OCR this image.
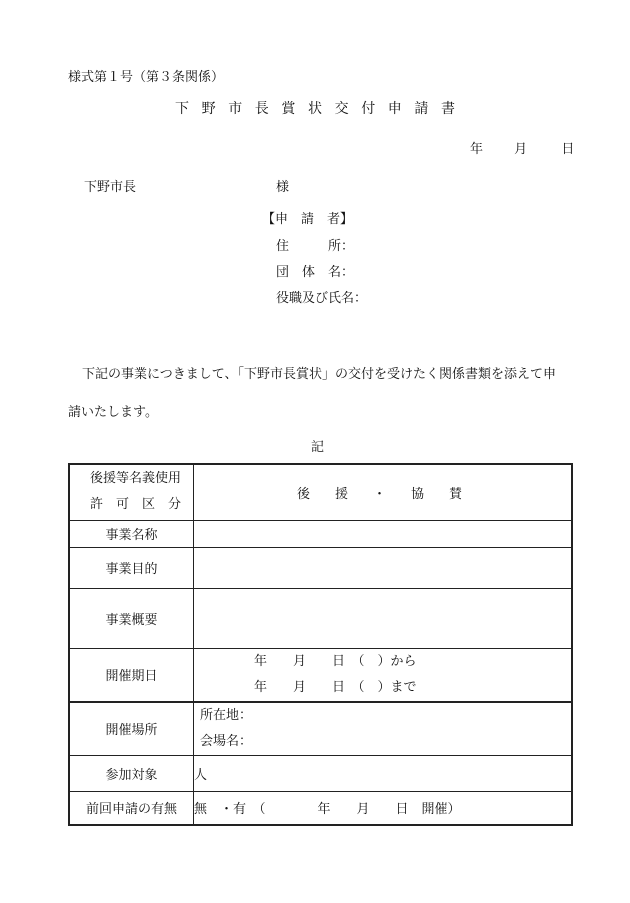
様式第１号（第３条関係）
下野市長賞状交付申請書
年 月	日
下野市長	様
【申　請　者】
住　　　所：
団　体　名：
役職及び氏名：
下記の事業につきまして、「下野市長賞状」の交付を受けたく関係書類を添えて申請いたします。
記
後援等名義使用
許　可　区　分	後　援　・　協　賛
事業名称	
事業目的	
事業概要	
開催期日	年　　月　　日　（　）から
年　　月　　日　（　）まで

開催場所	所在地：
会場名：

参加対象	人
前回申請の有無	無　・有　（　　　　年　　月　　日　開催）
